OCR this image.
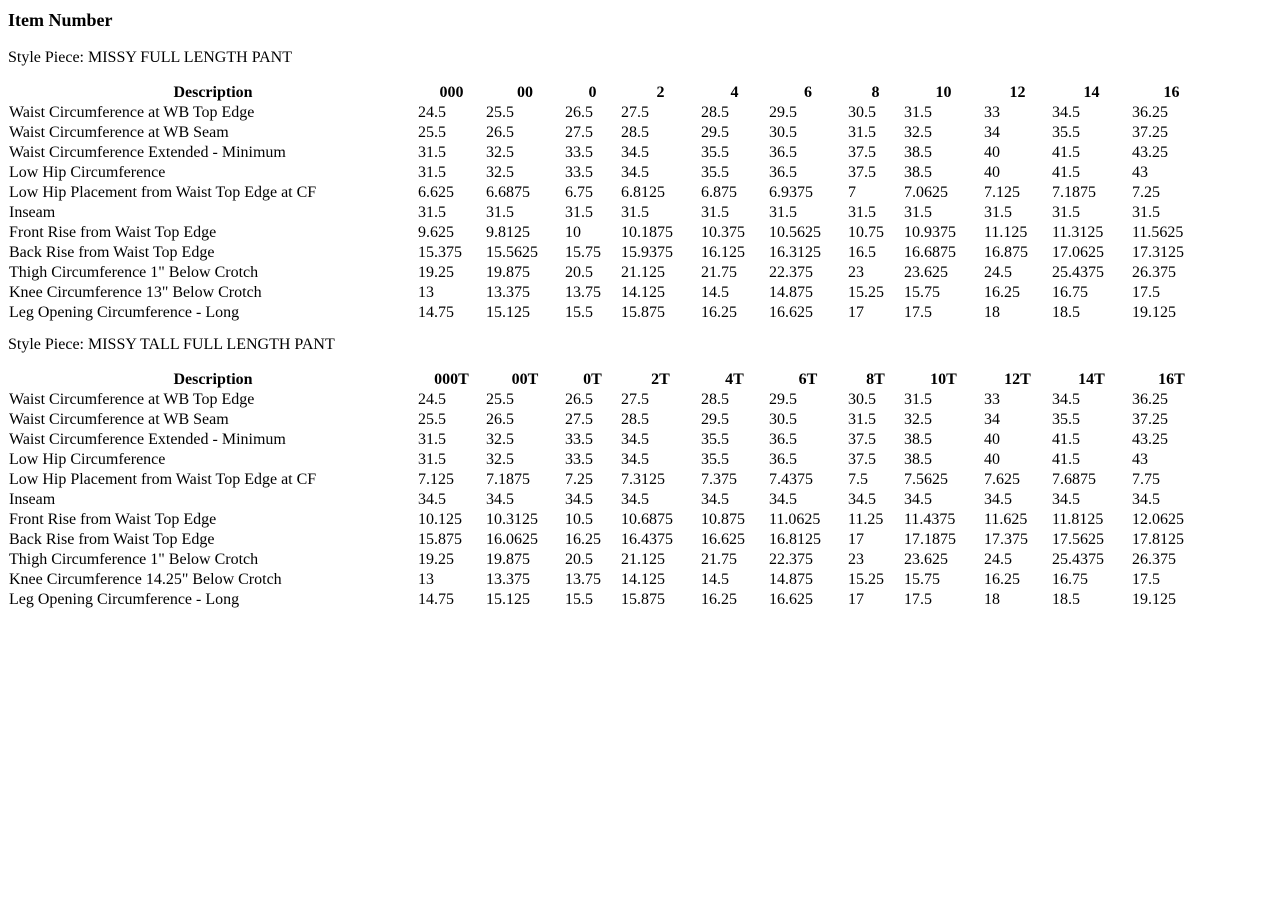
Item Number
Style Piece: MISSY FULL LENGTH PANT
Description	000	00	0	2	4	6	8	10	12	14	16
Waist Circumference at WB Top Edge	24.5	25.5	26.5	27.5	28.5	29.5	30.5	31.5	33	34.5	36.25
Waist Circumference at WB Seam	25.5	26.5	27.5	28.5	29.5	30.5	31.5	32.5	34	35.5	37.25
Waist Circumference Extended - Minimum	31.5	32.5	33.5	34.5	35.5	36.5	37.5	38.5	40	41.5	43.25
Low Hip Circumference	31.5	32.5	33.5	34.5	35.5	36.5	37.5	38.5	40	41.5	43
Low Hip Placement from Waist Top Edge at CF	6.625	6.6875	6.75	6.8125	6.875	6.9375	7	7.0625	7.125	7.1875	7.25
Inseam	31.5	31.5	31.5	31.5	31.5	31.5	31.5	31.5	31.5	31.5	31.5
Front Rise from Waist Top Edge	9.625	9.8125	10	10.1875	10.375	10.5625	10.75	10.9375	11.125	11.3125	11.5625
Back Rise from Waist Top Edge	15.375	15.5625	15.75	15.9375	16.125	16.3125	16.5	16.6875	16.875	17.0625	17.3125
Thigh Circumference 1" Below Crotch	19.25	19.875	20.5	21.125	21.75	22.375	23	23.625	24.5	25.4375	26.375
Knee Circumference 13" Below Crotch	13	13.375	13.75	14.125	14.5	14.875	15.25	15.75	16.25	16.75	17.5
Leg Opening Circumference - Long	14.75	15.125	15.5	15.875	16.25	16.625	17	17.5	18	18.5	19.125
Style Piece: MISSY TALL FULL LENGTH PANT
Description	000T	00T	0T	2T	4T	6T	8T	10T	12T	14T	16T
Waist Circumference at WB Top Edge	24.5	25.5	26.5	27.5	28.5	29.5	30.5	31.5	33	34.5	36.25
Waist Circumference at WB Seam	25.5	26.5	27.5	28.5	29.5	30.5	31.5	32.5	34	35.5	37.25
Waist Circumference Extended - Minimum	31.5	32.5	33.5	34.5	35.5	36.5	37.5	38.5	40	41.5	43.25
Low Hip Circumference	31.5	32.5	33.5	34.5	35.5	36.5	37.5	38.5	40	41.5	43
Low Hip Placement from Waist Top Edge at CF	7.125	7.1875	7.25	7.3125	7.375	7.4375	7.5	7.5625	7.625	7.6875	7.75
Inseam	34.5	34.5	34.5	34.5	34.5	34.5	34.5	34.5	34.5	34.5	34.5
Front Rise from Waist Top Edge	10.125	10.3125	10.5	10.6875	10.875	11.0625	11.25	11.4375	11.625	11.8125	12.0625
Back Rise from Waist Top Edge	15.875	16.0625	16.25	16.4375	16.625	16.8125	17	17.1875	17.375	17.5625	17.8125
Thigh Circumference 1" Below Crotch	19.25	19.875	20.5	21.125	21.75	22.375	23	23.625	24.5	25.4375	26.375
Knee Circumference 14.25" Below Crotch	13	13.375	13.75	14.125	14.5	14.875	15.25	15.75	16.25	16.75	17.5
Leg Opening Circumference - Long	14.75	15.125	15.5	15.875	16.25	16.625	17	17.5	18	18.5	19.125
